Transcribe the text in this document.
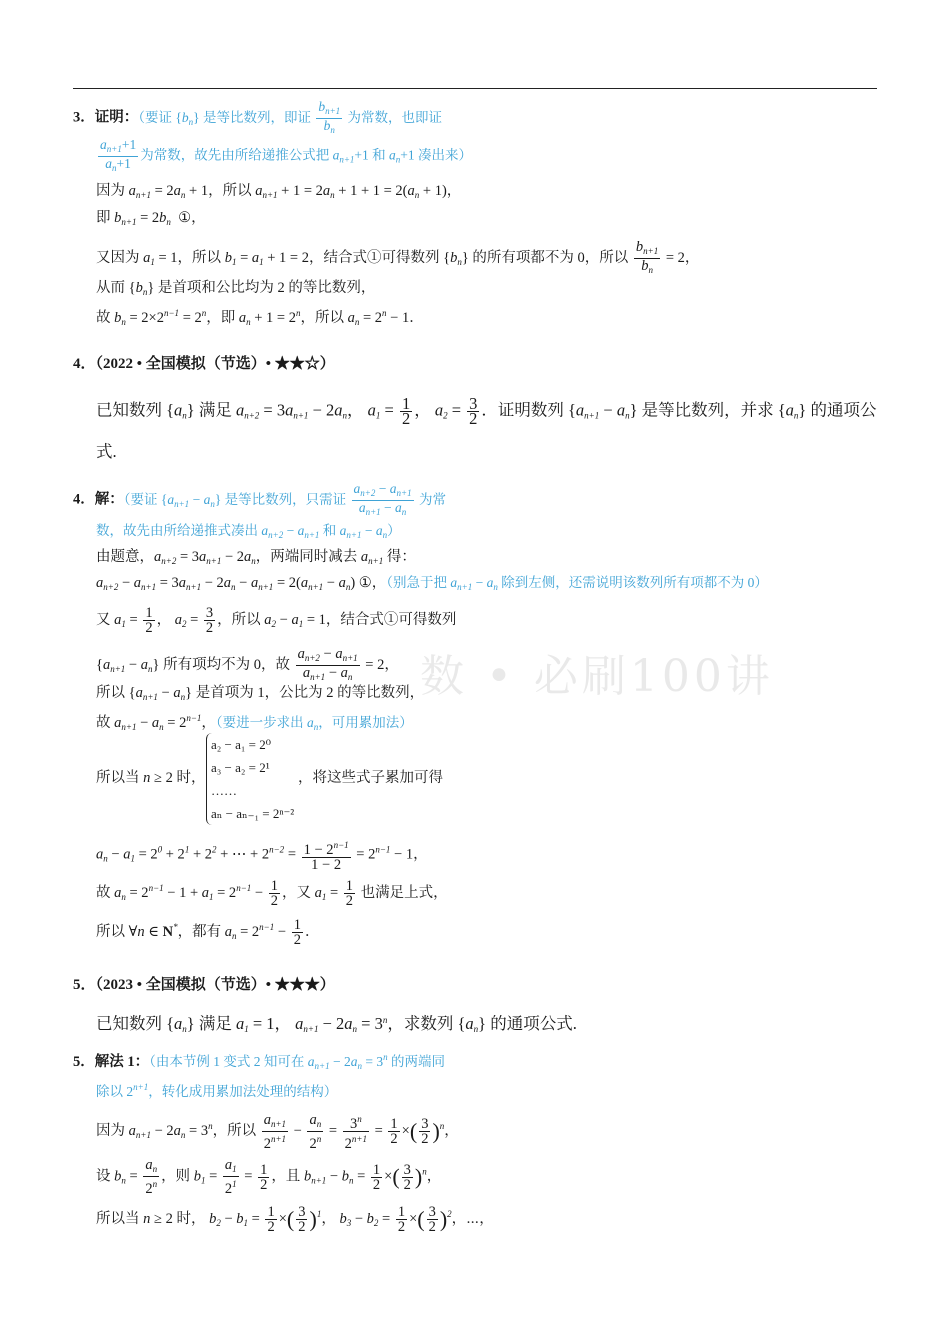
数 • 必刷100讲
3．证明：（要证 $\{b_n\}$ 是等比数列，即证 $\frac{b_{n+1}}{b_n}$ 为常数，也即证
$\frac{a_{n+1}+1}{a_n+1}$ 为常数，故先由所给递推公式把 $a_{n+1}+1$ 和 $a_n+1$ 凑出来）
因为 $a_{n+1} = 2a_n + 1$，所以 $a_{n+1} + 1 = 2a_n + 1 + 1 = 2(a_n + 1)$，
即 $b_{n+1} = 2b_n$  ①，
又因为 $a_1 = 1$，所以 $b_1 = a_1 + 1 = 2$，结合式①可得数列 $\{b_n\}$ 的所有项都不为 0，所以 $\frac{b_{n+1}}{b_n} = 2$，
从而 $\{b_n\}$ 是首项和公比均为 2 的等比数列，
故 $b_n = 2\times 2^{n-1} = 2^n$，即 $a_n + 1 = 2^n$，所以 $a_n = 2^n - 1$．
4．（2022 • 全国模拟（节选）• ★★☆）
已知数列 $\{a_n\}$ 满足 $a_{n+2} = 3a_{n+1} - 2a_n$， $a_1 = \frac{1}{2}$ ， $a_2 = \frac{3}{2}$ ．证明数列 $\{a_{n+1} - a_n\}$ 是等比数列，并求 $\{a_n\}$ 的通项公
式.
4．解：（要证 $\{a_{n+1} - a_n\}$ 是等比数列，只需证 $\frac{a_{n+2} - a_{n+1}}{a_{n+1} - a_n}$ 为常
数，故先由所给递推式凑出 $a_{n+2} - a_{n+1}$ 和 $a_{n+1} - a_n$）
由题意，$a_{n+2} = 3a_{n+1} - 2a_n$，两端同时减去 $a_{n+1}$ 得：
$a_{n+2} - a_{n+1} = 3a_{n+1} - 2a_n - a_{n+1} = 2(a_{n+1} - a_n)$ ①，（别急于把 $a_{n+1} - a_n$ 除到左侧，还需说明该数列所有项都不为 0）
又 $a_1 = \frac{1}{2}$ ， $a_2 = \frac{3}{2}$ ，所以 $a_2 - a_1 = 1$，结合式①可得数列
$\{a_{n+1} - a_n\}$ 所有项均不为 0，故 $\frac{a_{n+2} - a_{n+1}}{a_{n+1} - a_n} = 2$，
所以 $\{a_{n+1} - a_n\}$ 是首项为 1，公比为 2 的等比数列，
故 $a_{n+1} - a_n = 2^{n-1}$，（要进一步求出 $a_n$，可用累加法）
所以当 n ≥ 2 时，
a₂ − a₁ = 2⁰
a₃ − a₂ = 2¹
……
aₙ − aₙ₋₁ = 2ⁿ⁻²
，将这些式子累加可得
$a_n - a_1 = 2^0 + 2^1 + 2^2$ + ⋯ + $2^{n-2} = \frac{1 - 2^{n-1}}{1 - 2} = 2^{n-1} - 1$，
故 $a_n = 2^{n-1} - 1 + a_1 = 2^{n-1} - \frac{1}{2}$ ，又 $a_1 = \frac{1}{2}$ 也满足上式，
所以 ∀n ∈ N*，都有 $a_n = 2^{n-1} - \frac{1}{2}$ ．
5．（2023 • 全国模拟（节选）• ★★★）
已知数列 $\{a_n\}$ 满足 $a_1 = 1$， $a_{n+1} - 2a_n = 3^n$，求数列 $\{a_n\}$ 的通项公式.
5．解法 1：（由本节例 1 变式 2 知可在 $a_{n+1} - 2a_n = 3^n$ 的两端同
除以 $2^{n+1}$，转化成用累加法处理的结构）
因为 $a_{n+1} - 2a_n = 3^n$，所以 $\frac{a_{n+1}}{2^{n+1}} - \frac{a_n}{2^n} = \frac{3^n}{2^{n+1}} = \frac{1}{2}$ ×( $\frac{3}{2} )^n$，
设 $b_n = \frac{a_n}{2^n}$ ，则 $b_1 = \frac{a_1}{2^1} = \frac{1}{2}$ ，且 $b_{n+1} - b_n = \frac{1}{2}$ ×( $\frac{3}{2} )^n$，
所以当 n ≥ 2 时， $b_2 - b_1 = \frac{1}{2}$ ×( $\frac{3}{2} )^1$， $b_3 - b_2 = \frac{1}{2}$ ×( $\frac{3}{2} )^2$，⋯，
